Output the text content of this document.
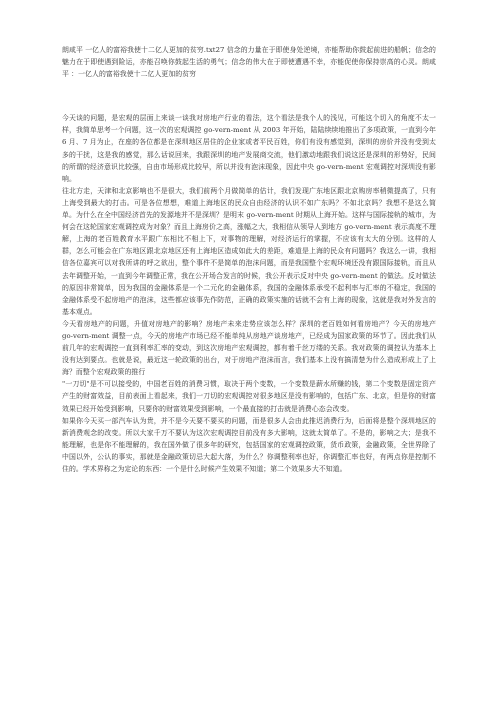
朗咸平 一亿人的富裕我使十二亿人更加的贫穷.txt27 信念的力量在于即使身处逆境，亦能帮助你鼓起前进的船帆；信念的魅力在于即使遇到险运，亦能召唤你鼓起生活的勇气；信念的伟大在于即使遭遇不幸，亦能促使你保持崇高的心灵。朗咸平 ：一亿人的富裕我使十二亿人更加的贫穷

今天谈的问题，是宏观的层面上来谈一谈我对房地产行业的看法，这个看法是我个人的浅见，可能这个切入的角度不太一样，我简单思考一个问题，这一次的宏观调控 go-vern-ment 从 2003 年开始，陆陆续续地推出了多项政策，一直到今年 6 月、7 月为止，在座的各位都是在深圳地区居住的企业家或者平民百姓，你们有没有感觉到，深圳的房价并没有受到太多的干扰，这是我的感觉，那么话说回来，我跟深圳的地产发展商交流，他们激动地跟我们说这还是深圳的形势好，民间的所谓的经济意识比较强，自由市场形成比较早，所以并没有泡沫现象，因此中央 go-vern-ment 宏观调控对深圳没有影响。

往北方走，天津和北京影响也不是很大，我们前两个月做简单的估计，我们发现广东地区跟北京购房率稍微提高了，只有上海受到最大的打击。可是各位想想，难道上海地区的民众自由经济的认识不如广东吗？不如北京吗？我想不是这么简单。为什么在全中国经济首先的发源地并不是深圳？是明末 go-vern-ment 时期从上海开始。这样与国际接轨的城市，为何会在这轮国家宏观调控成为对象？而且上海房价之高，涨幅之大，我相信从领导人到地方 go-vern-ment 表示高度不理解，上海的老百姓教育水平跟广东相比不相上下，对事物的理解，对经济运行的掌握，不应该有太大的分别。这样的人群，怎么可能会在广东地区跟北京地区还有上海地区造成如此大的差距，难道是上海的民众有问题吗？我这么一讲，我相信各位嘉宾可以对我所讲的呼之欲出，整个事件不是简单的泡沫问题，而是我国整个宏观环境还没有跟国际接轨，而且从去年调整开始，一直到今年调整正常，我在公开场合发言的时候，我公开表示反对中央 go-vern-ment 的做法。反对做法的原因非常简单，因为我国的金融体系是一个二元化的金融体系，我国的金融体系承受不起利率与汇率的不稳定，我国的金融体系受不起房地产的泡沫，这些都应该事先作防范，正确的政策实施的话就不会有上海的现象，这就是我对外发言的基本观点。

今天看房地产的问题，升值对房地产的影响？房地产未来走势应该怎么样？深圳的老百姓如何看房地产？今天的房地产 go-vern-ment 调整一点，今天的房地产市场已经不能单纯从房地产谈房地产，已经成为国家政策的环节了。因此我们从前几年的宏观调控一直到利率汇率的变动，到这次房地产宏观调控，都有着千丝万缕的关系。我对政策的调控认为基本上没有达到要点。也就是说，最近这一轮政策的出台，对于房地产泡沫而言，我们基本上没有搞清楚为什么造成形成上了上海？而整个宏观政策的推行

"一刀切"是不可以接受的，中国老百姓的消费习惯，取决于两个变数，一个变数是薪水所赚的钱，第二个变数是固定资产产生的财富效益，目前表面上看起来，我们一刀切的宏观调控对很多地区是没有影响的，包括广东、北京，但是你的财富效果已经开始受到影响，只要你的财富效果受到影响，一个最直接的打击就是消费心态会改变。

如果你今天买一部汽车认为贵，并不是今天要不要买的问题，而是很多人会由此推迟消费行为，后面将是整个深圳地区的新消费观念的改变。所以大家千万不要认为这次宏观调控目前没有多大影响，这就太简单了。不是的，影响之大；是我不能理解，也是你不能理解的，我在国外做了很多年的研究，包括国家的宏观调控政策，货币政策，金融政策，全世界除了中国以外，公认的事实，那就是金融政策切忌大起大落，为什么？你调整利率也好，你调整汇率也好，有两点你是控制不住的。学术界称之为定论的东西：一个是什么时候产生效果不知道；第二个效果多大不知道。
